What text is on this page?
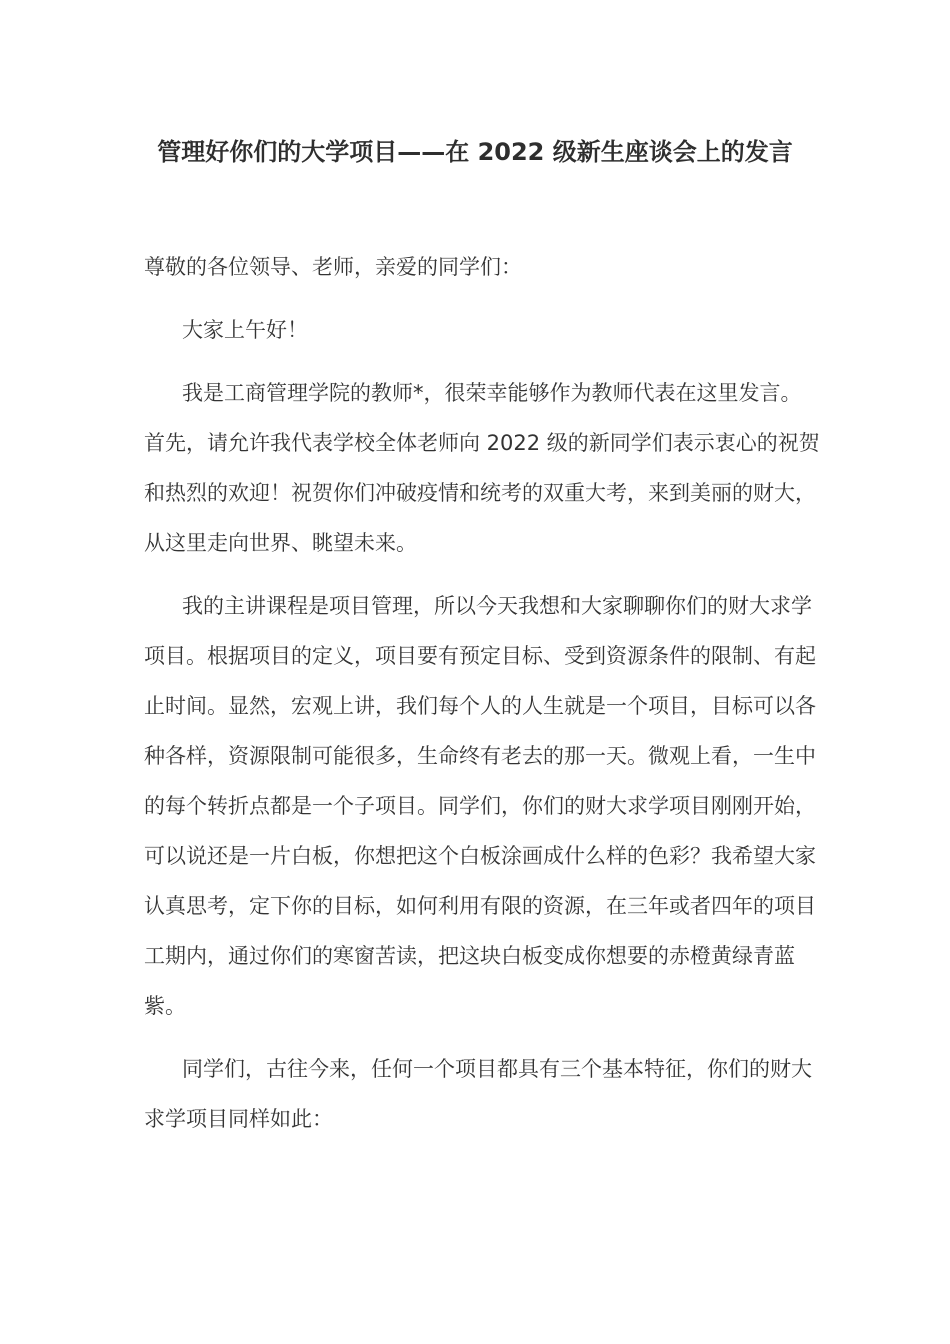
管理好你们的大学项目——在 2022 级新生座谈会上的发言

尊敬的各位领导、老师，亲爱的同学们：

大家上午好！

我是工商管理学院的教师*，很荣幸能够作为教师代表在这里发言。首先，请允许我代表学校全体老师向 2022 级的新同学们表示衷心的祝贺和热烈的欢迎！祝贺你们冲破疫情和统考的双重大考，来到美丽的财大，从这里走向世界、眺望未来。

我的主讲课程是项目管理，所以今天我想和大家聊聊你们的财大求学项目。根据项目的定义，项目要有预定目标、受到资源条件的限制、有起止时间。显然，宏观上讲，我们每个人的人生就是一个项目，目标可以各种各样，资源限制可能很多，生命终有老去的那一天。微观上看，一生中的每个转折点都是一个子项目。同学们，你们的财大求学项目刚刚开始，可以说还是一片白板，你想把这个白板涂画成什么样的色彩？我希望大家认真思考，定下你的目标，如何利用有限的资源，在三年或者四年的项目工期内，通过你们的寒窗苦读，把这块白板变成你想要的赤橙黄绿青蓝紫。

同学们，古往今来，任何一个项目都具有三个基本特征，你们的财大求学项目同样如此：
